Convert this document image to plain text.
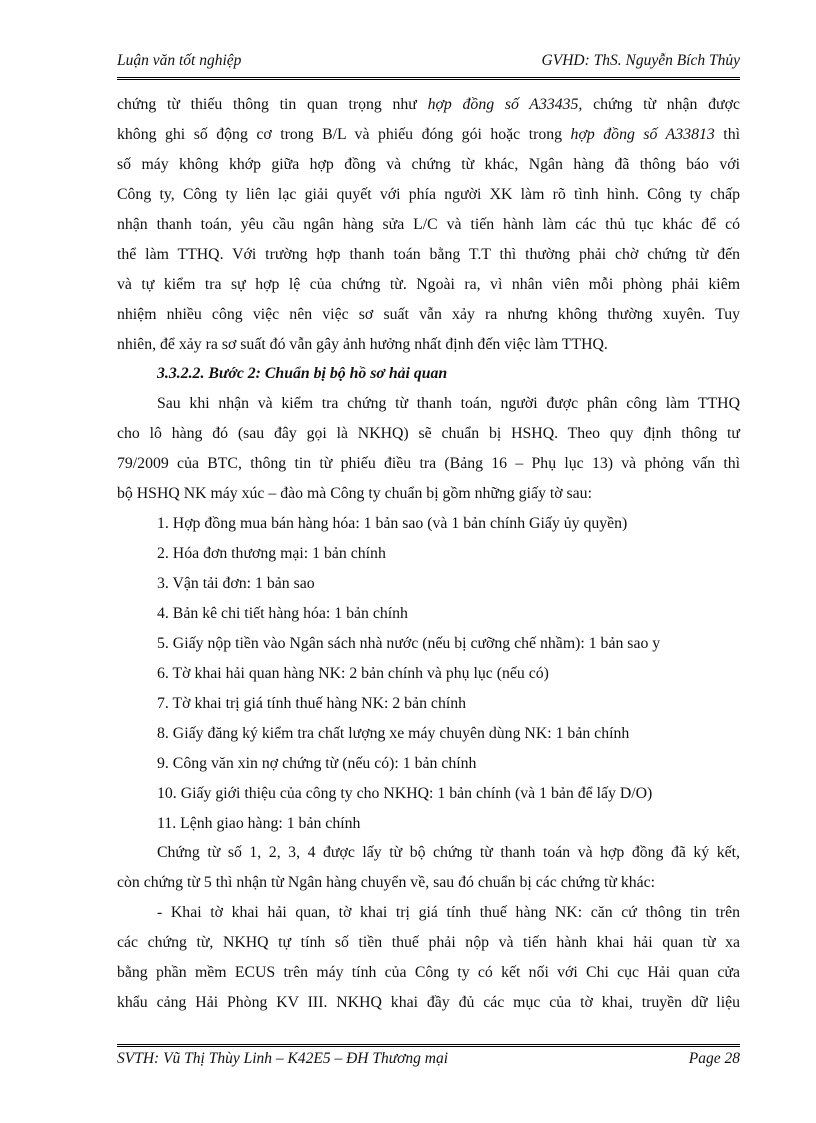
Luận văn tốt nghiệp	GVHD: ThS. Nguyễn Bích Thủy
chứng từ thiếu thông tin quan trọng như hợp đồng số A33435, chứng từ nhận được
không ghi số động cơ trong B/L và phiếu đóng gói hoặc trong hợp đồng số A33813 thì
số máy không khớp giữa hợp đồng và chứng từ khác, Ngân hàng đã thông báo với
Công ty, Công ty liên lạc giải quyết với phía người XK làm rõ tình hình. Công ty chấp
nhận thanh toán, yêu cầu ngân hàng sửa L/C và tiến hành làm các thủ tục khác để có
thể làm TTHQ. Với trường hợp thanh toán bằng T.T thì thường phải chờ chứng từ đến
và tự kiểm tra sự hợp lệ của chứng từ. Ngoài ra, vì nhân viên mỗi phòng phải kiêm
nhiệm nhiều công việc nên việc sơ suất vẫn xảy ra nhưng không thường xuyên. Tuy
nhiên, để xảy ra sơ suất đó vẫn gây ảnh hưởng nhất định đến việc làm TTHQ.
3.3.2.2. Bước 2: Chuẩn bị bộ hồ sơ hải quan
Sau khi nhận và kiểm tra chứng từ thanh toán, người được phân công làm TTHQ
cho lô hàng đó (sau đây gọi là NKHQ) sẽ chuẩn bị HSHQ. Theo quy định thông tư
79/2009 của BTC, thông tin từ phiếu điều tra (Bảng 16 – Phụ lục 13) và phỏng vấn thì
bộ HSHQ NK máy xúc – đào mà Công ty chuẩn bị gồm những giấy tờ sau:
1. Hợp đồng mua bán hàng hóa: 1 bản sao (và 1 bản chính Giấy ủy quyền)
2. Hóa đơn thương mại: 1 bản chính
3. Vận tải đơn: 1 bản sao
4. Bản kê chi tiết hàng hóa: 1 bản chính
5. Giấy nộp tiền vào Ngân sách nhà nước (nếu bị cưỡng chế nhầm): 1 bản sao y
6. Tờ khai hải quan hàng NK: 2 bản chính và phụ lục (nếu có)
7. Tờ khai trị giá tính thuế hàng NK: 2 bản chính
8. Giấy đăng ký kiểm tra chất lượng xe máy chuyên dùng NK: 1 bản chính
9. Công văn xin nợ chứng từ (nếu có): 1 bản chính
10. Giấy giới thiệu của công ty cho NKHQ: 1 bản chính (và 1 bản để lấy D/O)
11. Lệnh giao hàng: 1 bản chính
Chứng từ số 1, 2, 3, 4 được lấy từ bộ chứng từ thanh toán và hợp đồng đã ký kết,
còn chứng từ 5 thì nhận từ Ngân hàng chuyển về, sau đó chuẩn bị các chứng từ khác:
- Khai tờ khai hải quan, tờ khai trị giá tính thuế hàng NK: căn cứ thông tin trên
các chứng từ, NKHQ tự tính số tiền thuế phải nộp và tiến hành khai hải quan từ xa
bằng phần mềm ECUS trên máy tính của Công ty có kết nối với Chi cục Hải quan cửa
khẩu cảng Hải Phòng KV III. NKHQ khai đầy đủ các mục của tờ khai, truyền dữ liệu
SVTH: Vũ Thị Thùy Linh – K42E5 – ĐH Thương mại	Page 28
